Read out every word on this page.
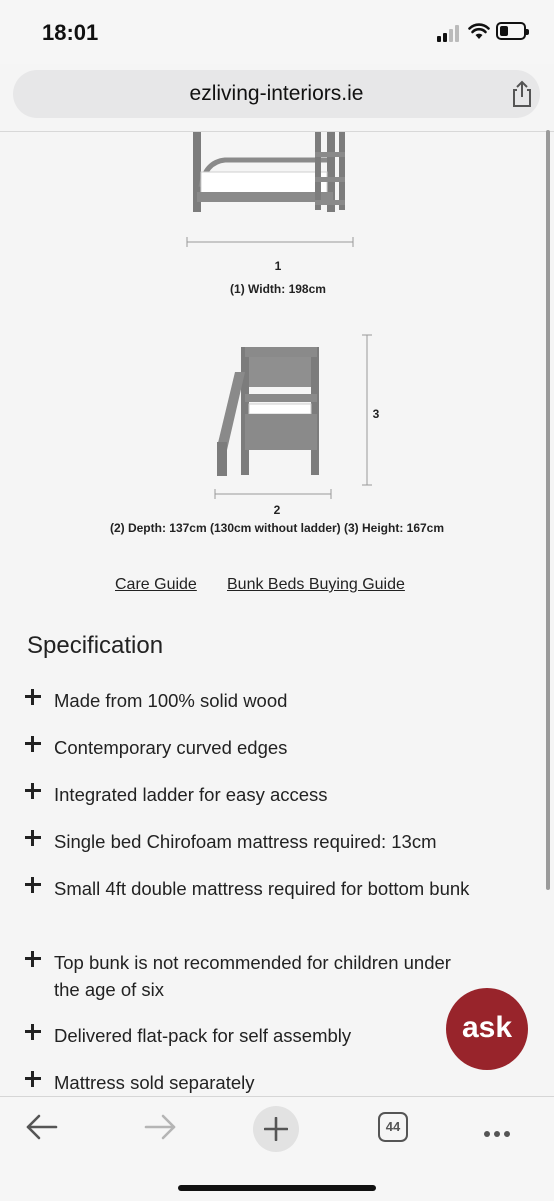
18:01
ezliving-interiors.ie
1
(1) Width: 198cm
3
2
(2) Depth: 137cm (130cm without ladder) (3) Height: 167cm
Care Guide Bunk Beds Buying Guide
Specification
Made from 100% solid wood
Contemporary curved edges
Integrated ladder for easy access
Single bed Chirofoam mattress required: 13cm
Small 4ft double mattress required for bottom bunk
Top bunk is not recommended for children under the age of six
Delivered flat-pack for self assembly
Mattress sold separately
ask
44
